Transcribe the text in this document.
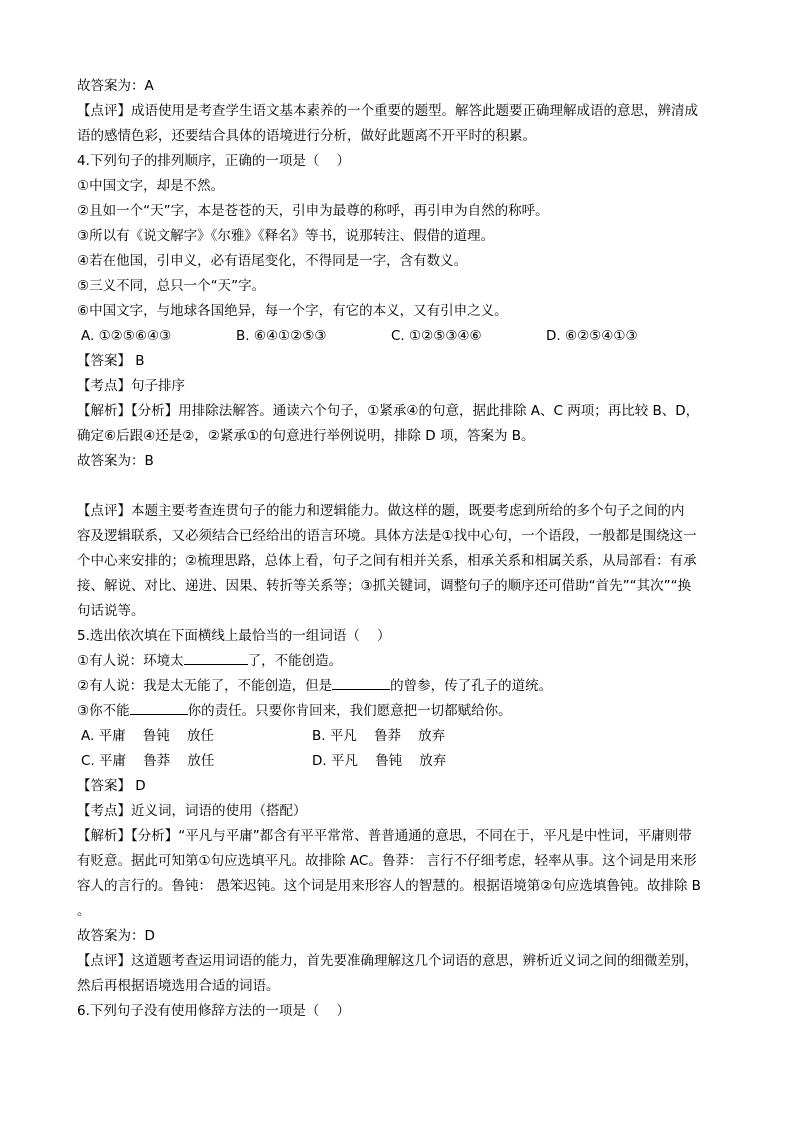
故答案为：A
【点评】成语使用是考查学生语文基本素养的一个重要的题型。解答此题要正确理解成语的意思，辨清成
语的感情色彩，还要结合具体的语境进行分析，做好此题离不开平时的积累。
4.下列句子的排列顺序，正确的一项是（    ）
①中国文字，却是不然。
②且如一个“天”字，本是苍苍的天，引申为最尊的称呼，再引申为自然的称呼。
③所以有《说文解字》《尔雅》《释名》等书，说那转注、假借的道理。
④若在他国，引申义，必有语尾变化，不得同是一字，含有数义。
⑤三义不同，总只一个“天”字。
⑥中国文字，与地球各国绝异，每一个字，有它的本义，又有引申之义。
A. ①②⑤⑥④③	B. ⑥④①②⑤③	C. ①②⑤③④⑥	D. ⑥②⑤④①③
【答案】 B
【考点】句子排序
【解析】【分析】用排除法解答。通读六个句子，①紧承④的句意，据此排除 A、C 两项；再比较 B、D，
确定⑥后跟④还是②，②紧承①的句意进行举例说明，排除 D 项，答案为 B。
故答案为：B
【点评】本题主要考查连贯句子的能力和逻辑能力。做这样的题，既要考虑到所给的多个句子之间的内
容及逻辑联系，又必须结合已经给出的语言环境。具体方法是①找中心句，一个语段，一般都是围绕这一
个中心来安排的；②梳理思路，总体上看，句子之间有相并关系，相承关系和相属关系，从局部看：有承
接、解说、对比、递进、因果、转折等关系等；③抓关键词，调整句子的顺序还可借助“首先”“其次”“换
句话说等。
5.选出依次填在下面横线上最恰当的一组词语（    ）
①有人说：环境太	了，不能创造。
②有人说：我是太无能了，不能创造，但是	的曾参，传了孔子的道统。
③你不能	你的责任。只要你肯回来，我们愿意把一切都赋给你。
A. 平庸    鲁钝    放任	B. 平凡    鲁莽    放弃
C. 平庸    鲁莽    放任	D. 平凡    鲁钝    放弃
【答案】 D
【考点】近义词，词语的使用（搭配）
【解析】【分析】“平凡与平庸”都含有平平常常、普普通通的意思，不同在于，平凡是中性词，平庸则带
有贬意。据此可知第①句应选填平凡。故排除 AC。鲁莽： 言行不仔细考虑，轻率从事。这个词是用来形
容人的言行的。鲁钝： 愚笨迟钝。这个词是用来形容人的智慧的。根据语境第②句应选填鲁钝。故排除 B
。
故答案为：D
【点评】这道题考查运用词语的能力，首先要准确理解这几个词语的意思，辨析近义词之间的细微差别，
然后再根据语境选用合适的词语。
6.下列句子没有使用修辞方法的一项是（    ）
